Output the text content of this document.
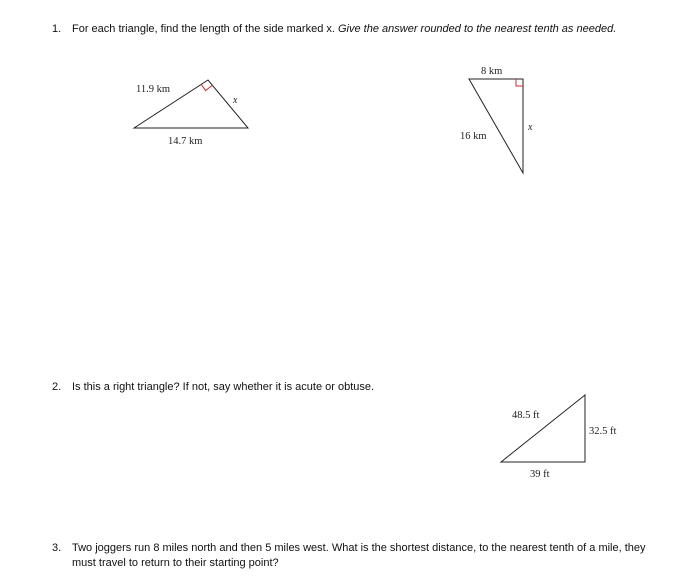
1. For each triangle, find the length of the side marked x. Give the answer rounded to the nearest tenth as needed.

11.9 km
x
14.7 km
8 km
16 km
x

2. Is this a right triangle? If not, say whether it is acute or obtuse.

48.5 ft
32.5 ft
39 ft

3. Two joggers run 8 miles north and then 5 miles west. What is the shortest distance, to the nearest tenth of a mile, they must travel to return to their starting point?
